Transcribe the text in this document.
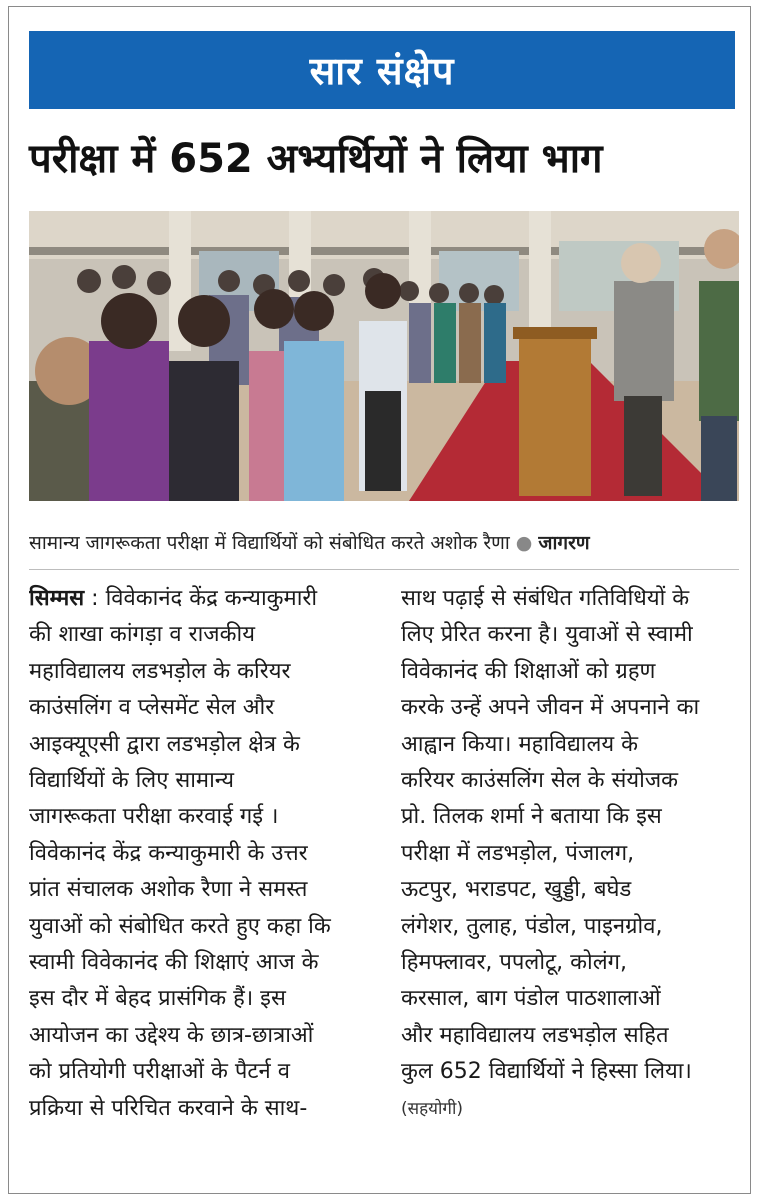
सार संक्षेप
परीक्षा में 652 अभ्यर्थियों ने लिया भाग
सामान्य जागरूकता परीक्षा में विद्यार्थियों को संबोधित करते अशोक रैणा ● जागरण
सिम्मस : विवेकानंद केंद्र कन्याकुमारी
की शाखा कांगड़ा व राजकीय
महाविद्यालय लडभड़ोल के करियर
काउंसलिंग व प्लेसमेंट सेल और
आइक्यूएसी द्वारा लडभड़ोल क्षेत्र के
विद्यार्थियों के लिए सामान्य
जागरूकता परीक्षा करवाई गई ।
विवेकानंद केंद्र कन्याकुमारी के उत्तर
प्रांत संचालक अशोक रैणा ने समस्त
युवाओं को संबोधित करते हुए कहा कि
स्वामी विवेकानंद की शिक्षाएं आज के
इस दौर में बेहद प्रासंगिक हैं। इस
आयोजन का उद्देश्य के छात्र-छात्राओं
को प्रतियोगी परीक्षाओं के पैटर्न व
प्रक्रिया से परिचित करवाने के साथ-
साथ पढ़ाई से संबंधित गतिविधियों के
लिए प्रेरित करना है। युवाओं से स्वामी
विवेकानंद की शिक्षाओं को ग्रहण
करके उन्हें अपने जीवन में अपनाने का
आह्वान किया। महाविद्यालय के
करियर काउंसलिंग सेल के संयोजक
प्रो. तिलक शर्मा ने बताया कि इस
परीक्षा में लडभड़ोल, पंजालग,
ऊटपुर, भराडपट, खुड्डी, बघेड
लंगेशर, तुलाह, पंडोल, पाइनग्रोव,
हिमफ्लावर, पपलोटू, कोलंग,
करसाल, बाग पंडोल पाठशालाओं
और महाविद्यालय लडभड़ोल सहित
कुल 652 विद्यार्थियों ने हिस्सा लिया।
(सहयोगी)
